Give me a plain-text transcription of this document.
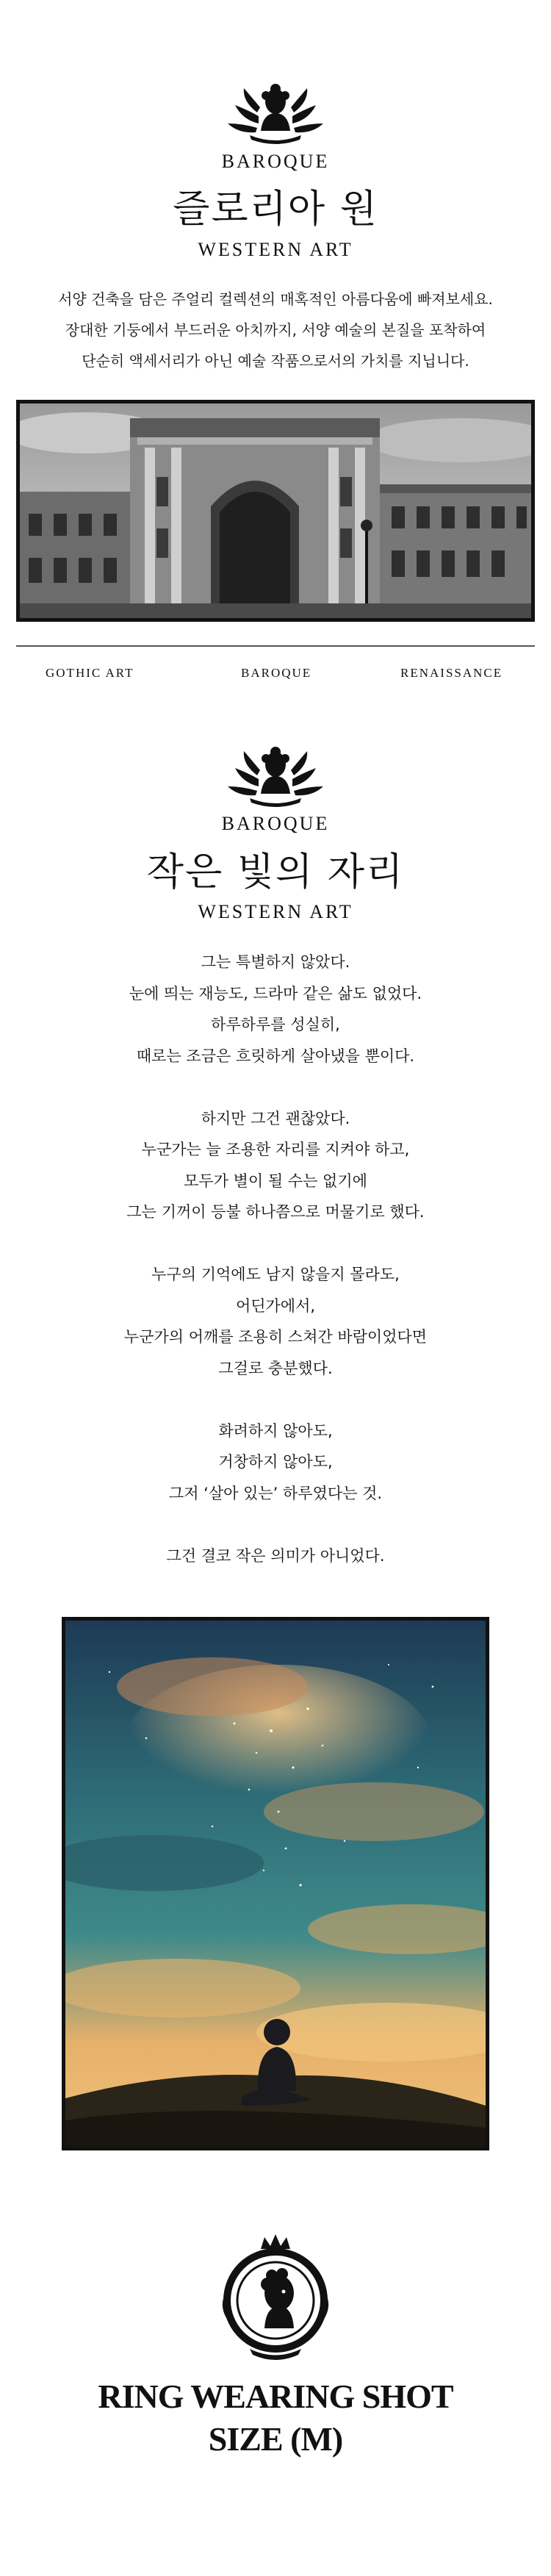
BAROQUE
즐로리아 원
WESTERN ART

서양 건축을 담은 주얼리 컬렉션의 매혹적인 아름다움에 빠져보세요.

장대한 기둥에서 부드러운 아치까지, 서양 예술의 본질을 포착하여

단순히 액세서리가 아닌 예술 작품으로서의 가치를 지닙니다.

GOTHIC ART	BAROQUE	RENAISSANCE
BAROQUE
작은 빛의 자리
WESTERN ART

그는 특별하지 않았다.

눈에 띄는 재능도, 드라마 같은 삶도 없었다.

하루하루를 성실히,

때로는 조금은 흐릿하게 살아냈을 뿐이다.

하지만 그건 괜찮았다.

누군가는 늘 조용한 자리를 지켜야 하고,

모두가 별이 될 수는 없기에

그는 기꺼이 등불 하나쯤으로 머물기로 했다.

누구의 기억에도 남지 않을지 몰라도,

어딘가에서,

누군가의 어깨를 조용히 스쳐간 바람이었다면

그걸로 충분했다.

화려하지 않아도,

거창하지 않아도,

그저 ‘살아 있는’ 하루였다는 것.

그건 결코 작은 의미가 아니었다.

RING WEARING SHOT
SIZE (M)
